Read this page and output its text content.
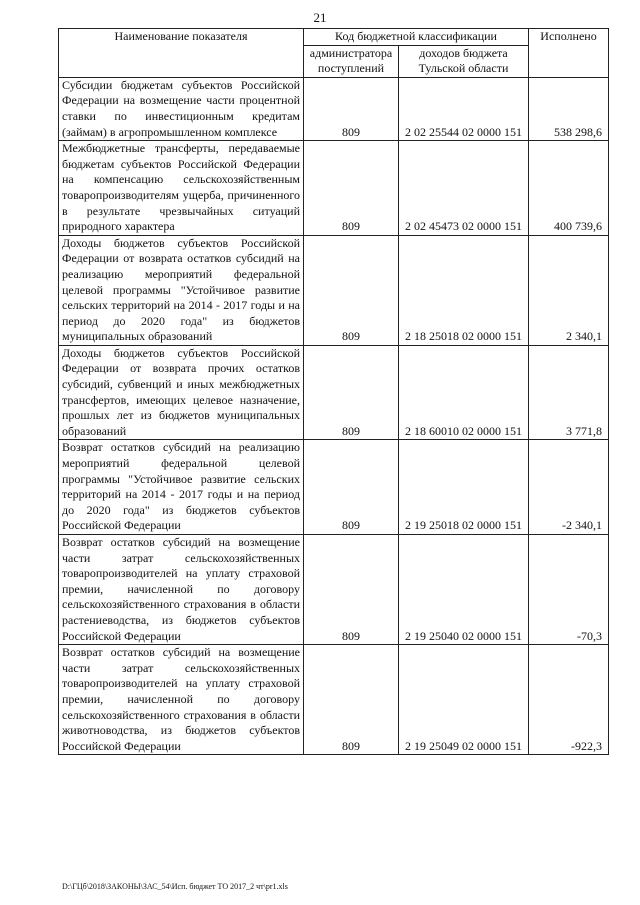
21
Наименование показателя	Код бюджетной классификации		Исполнено
	администратора поступлений	доходов бюджета Тульской области	
Субсидии бюджетам субъектов Российской Федерации на возмещение части процентной ставки по инвестиционным кредитам (займам) в агропромышленном комплексе	809	2 02 25544 02 0000 151	538 298,6
Межбюджетные трансферты, передаваемые бюджетам субъектов Российской Федерации на компенсацию сельскохозяйственным товаропроизводителям ущерба, причиненного в результате чрезвычайных ситуаций природного характера	809	2 02 45473 02 0000 151	400 739,6
Доходы бюджетов субъектов Российской Федерации от возврата остатков субсидий на реализацию мероприятий федеральной целевой программы "Устойчивое развитие сельских территорий на 2014 - 2017 годы и на период до 2020 года" из бюджетов муниципальных образований	809	2 18 25018 02 0000 151	2 340,1
Доходы бюджетов субъектов Российской Федерации от возврата прочих остатков субсидий, субвенций и иных межбюджетных трансфертов, имеющих целевое назначение, прошлых лет из бюджетов муниципальных образований	809	2 18 60010 02 0000 151	3 771,8
Возврат остатков субсидий на реализацию мероприятий федеральной целевой программы "Устойчивое развитие сельских территорий на 2014 - 2017 годы и на период до 2020 года" из бюджетов субъектов Российской Федерации	809	2 19 25018 02 0000 151	-2 340,1
Возврат остатков субсидий на возмещение части затрат сельскохозяйственных товаропроизводителей на уплату страховой премии, начисленной по договору сельскохозяйственного страхования в области растениеводства, из бюджетов субъектов Российской Федерации	809	2 19 25040 02 0000 151	-70,3
Возврат остатков субсидий на возмещение части затрат сельскохозяйственных товаропроизводителей на уплату страховой премии, начисленной по договору сельскохозяйственного страхования в области животноводства, из бюджетов субъектов Российской Федерации	809	2 19 25049 02 0000 151	-922,3
D:\ГЦб\2018\ЗАКОНЫ\ЗАС_54\Исп. бюджет ТО 2017_2 чт\pr1.xls
